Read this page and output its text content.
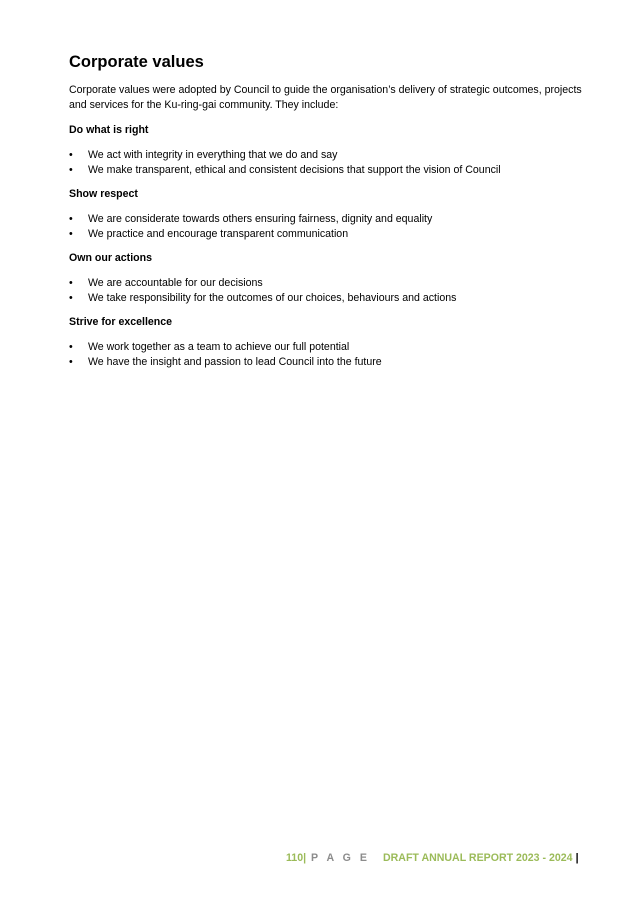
Corporate values

Corporate values were adopted by Council to guide the organisation’s delivery of strategic outcomes, projects and services for the Ku-ring-gai community. They include:

Do what is right
• We act with integrity in everything that we do and say
• We make transparent, ethical and consistent decisions that support the vision of Council
Show respect
• We are considerate towards others ensuring fairness, dignity and equality
• We practice and encourage transparent communication
Own our actions
• We are accountable for our decisions
• We take responsibility for the outcomes of our choices, behaviours and actions
Strive for excellence
• We work together as a team to achieve our full potential
• We have the insight and passion to lead Council into the future
110| P A G E DRAFT ANNUAL REPORT 2023 - 2024 |
